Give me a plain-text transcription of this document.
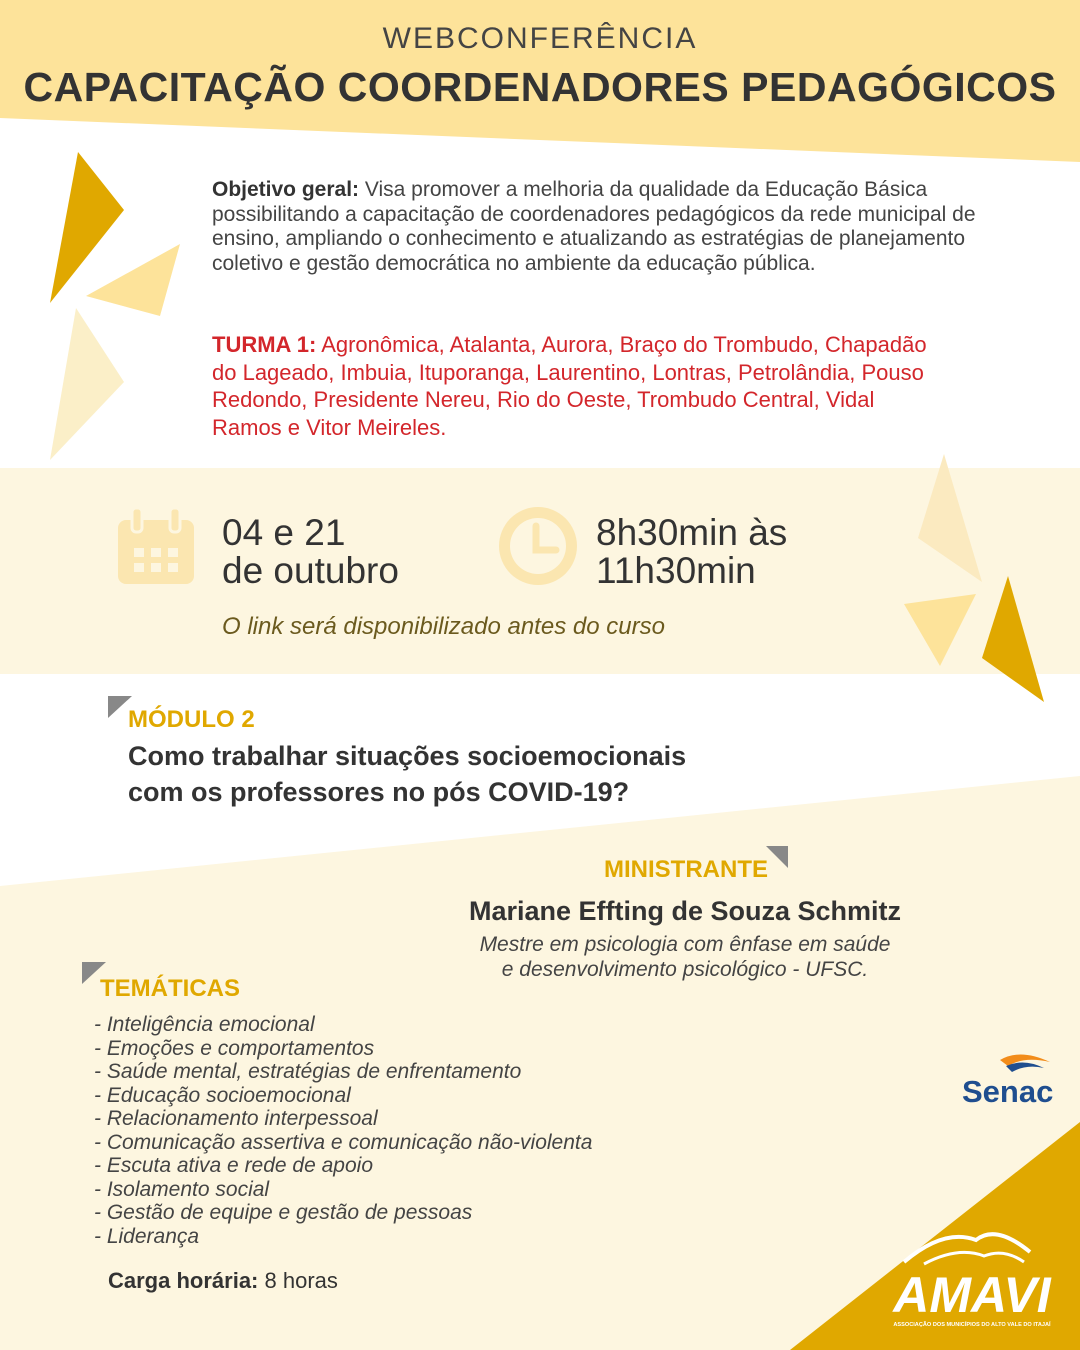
WEBCONFERÊNCIA
CAPACITAÇÃO COORDENADORES PEDAGÓGICOS
Objetivo geral: Visa promover a melhoria da qualidade da Educação Básica possibilitando a capacitação de coordenadores pedagógicos da rede municipal de ensino, ampliando o conhecimento e atualizando as estratégias de planejamento coletivo e gestão democrática no ambiente da educação pública.
TURMA 1: Agronômica, Atalanta, Aurora, Braço do Trombudo, Chapadão do Lageado, Imbuia, Ituporanga, Laurentino, Lontras, Petrolândia, Pouso Redondo, Presidente Nereu, Rio do Oeste, Trombudo Central, Vidal Ramos e Vitor Meireles.
04 e 21
de outubro
8h30min às
11h30min
O link será disponibilizado antes do curso
MÓDULO 2
Como trabalhar situações socioemocionais
com os professores no pós COVID-19?
MINISTRANTE
Mariane Effting de Souza Schmitz
Mestre em psicologia com ênfase em saúde
e desenvolvimento psicológico - UFSC.
TEMÁTICAS
- Inteligência emocional
- Emoções e comportamentos
- Saúde mental, estratégias de enfrentamento
- Educação socioemocional
- Relacionamento interpessoal
- Comunicação assertiva e comunicação não-violenta
- Escuta ativa e rede de apoio
- Isolamento social
- Gestão de equipe e gestão de pessoas
- Liderança
Carga horária: 8 horas
Senac
AMAVI
ASSOCIAÇÃO DOS MUNICÍPIOS DO ALTO VALE DO ITAJAÍ
